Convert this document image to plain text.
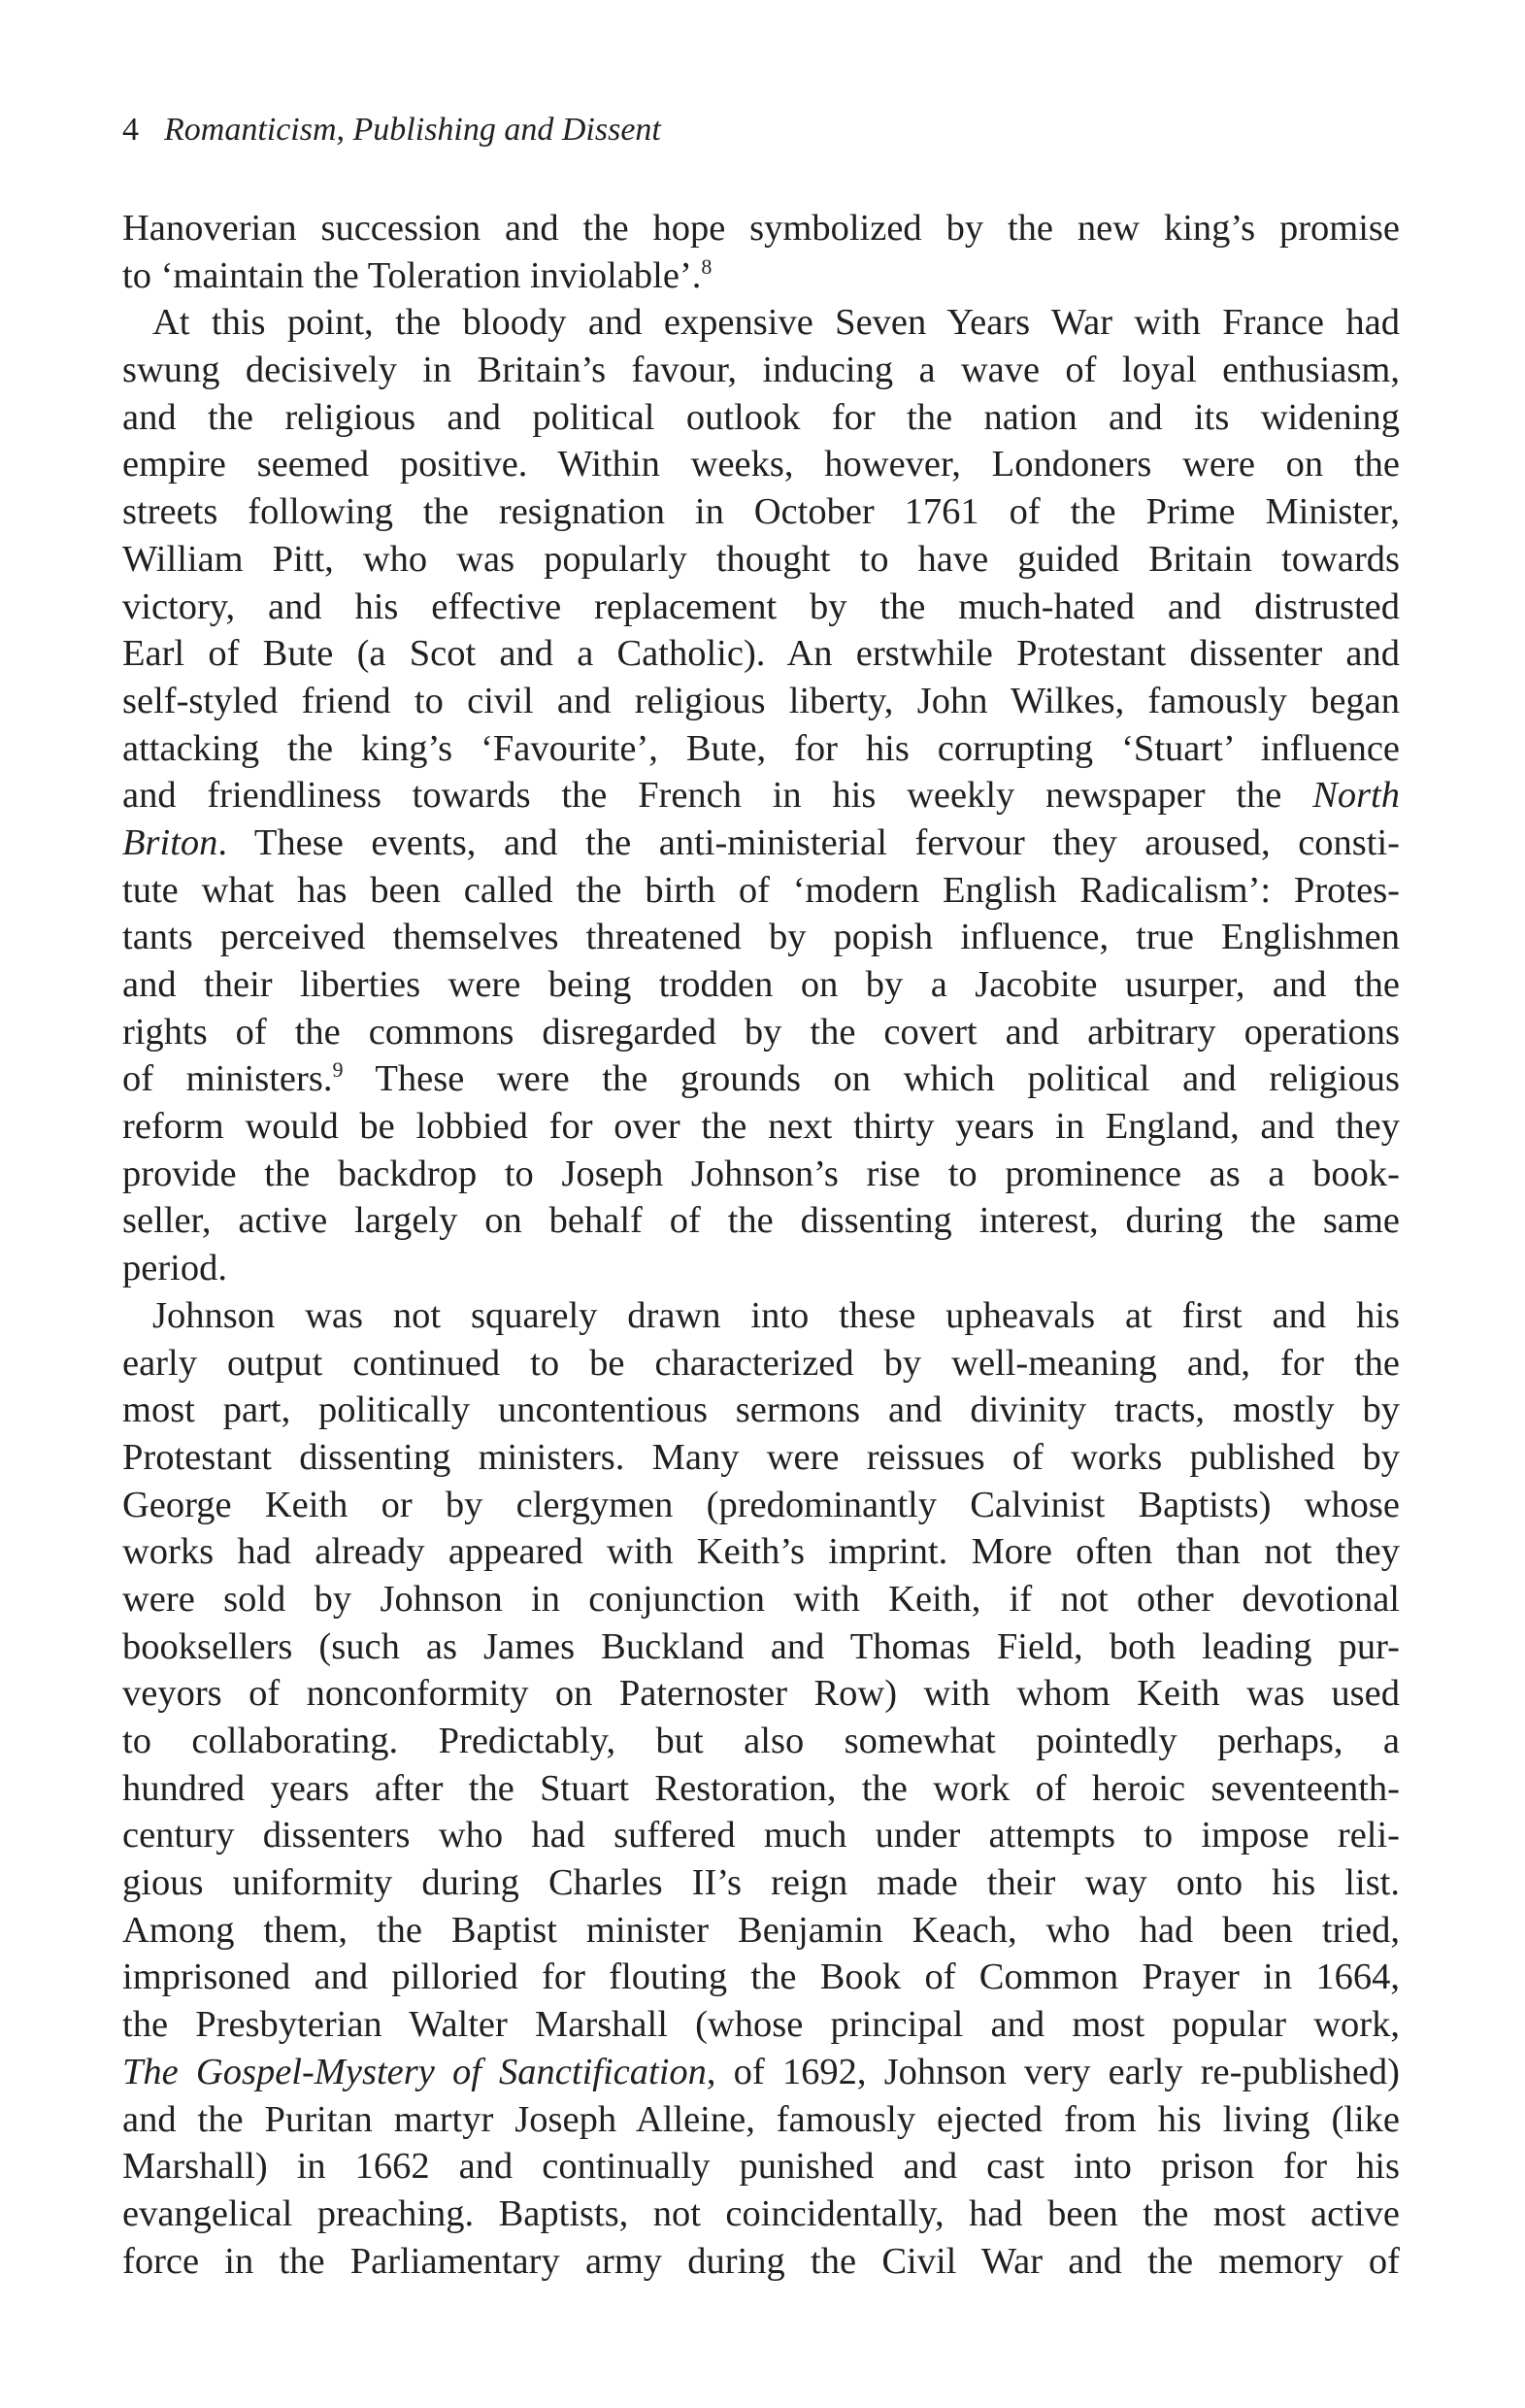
4 Romanticism, Publishing and Dissent
Hanoverian succession and the hope symbolized by the new king’s promise
to ‘maintain the Toleration inviolable’.$^8$
At this point, the bloody and expensive Seven Years War with France had
swung decisively in Britain’s favour, inducing a wave of loyal enthusiasm,
and the religious and political outlook for the nation and its widening
empire seemed positive. Within weeks, however, Londoners were on the
streets following the resignation in October 1761 of the Prime Minister,
William Pitt, who was popularly thought to have guided Britain towards
victory, and his effective replacement by the much-hated and distrusted
Earl of Bute (a Scot and a Catholic). An erstwhile Protestant dissenter and
self-styled friend to civil and religious liberty, John Wilkes, famously began
attacking the king’s ‘Favourite’, Bute, for his corrupting ‘Stuart’ influence
and friendliness towards the French in his weekly newspaper the North
Briton. These events, and the anti-ministerial fervour they aroused, consti-
tute what has been called the birth of ‘modern English Radicalism’: Protes-
tants perceived themselves threatened by popish influence, true Englishmen
and their liberties were being trodden on by a Jacobite usurper, and the
rights of the commons disregarded by the covert and arbitrary operations
of ministers.$^9$ These were the grounds on which political and religious
reform would be lobbied for over the next thirty years in England, and they
provide the backdrop to Joseph Johnson’s rise to prominence as a book-
seller, active largely on behalf of the dissenting interest, during the same
period.
Johnson was not squarely drawn into these upheavals at first and his
early output continued to be characterized by well-meaning and, for the
most part, politically uncontentious sermons and divinity tracts, mostly by
Protestant dissenting ministers. Many were reissues of works published by
George Keith or by clergymen (predominantly Calvinist Baptists) whose
works had already appeared with Keith’s imprint. More often than not they
were sold by Johnson in conjunction with Keith, if not other devotional
booksellers (such as James Buckland and Thomas Field, both leading pur-
veyors of nonconformity on Paternoster Row) with whom Keith was used
to collaborating. Predictably, but also somewhat pointedly perhaps, a
hundred years after the Stuart Restoration, the work of heroic seventeenth-
century dissenters who had suffered much under attempts to impose reli-
gious uniformity during Charles II’s reign made their way onto his list.
Among them, the Baptist minister Benjamin Keach, who had been tried,
imprisoned and pilloried for flouting the Book of Common Prayer in 1664,
the Presbyterian Walter Marshall (whose principal and most popular work,
The Gospel-Mystery of Sanctification, of 1692, Johnson very early re-published)
and the Puritan martyr Joseph Alleine, famously ejected from his living (like
Marshall) in 1662 and continually punished and cast into prison for his
evangelical preaching. Baptists, not coincidentally, had been the most active
force in the Parliamentary army during the Civil War and the memory of
